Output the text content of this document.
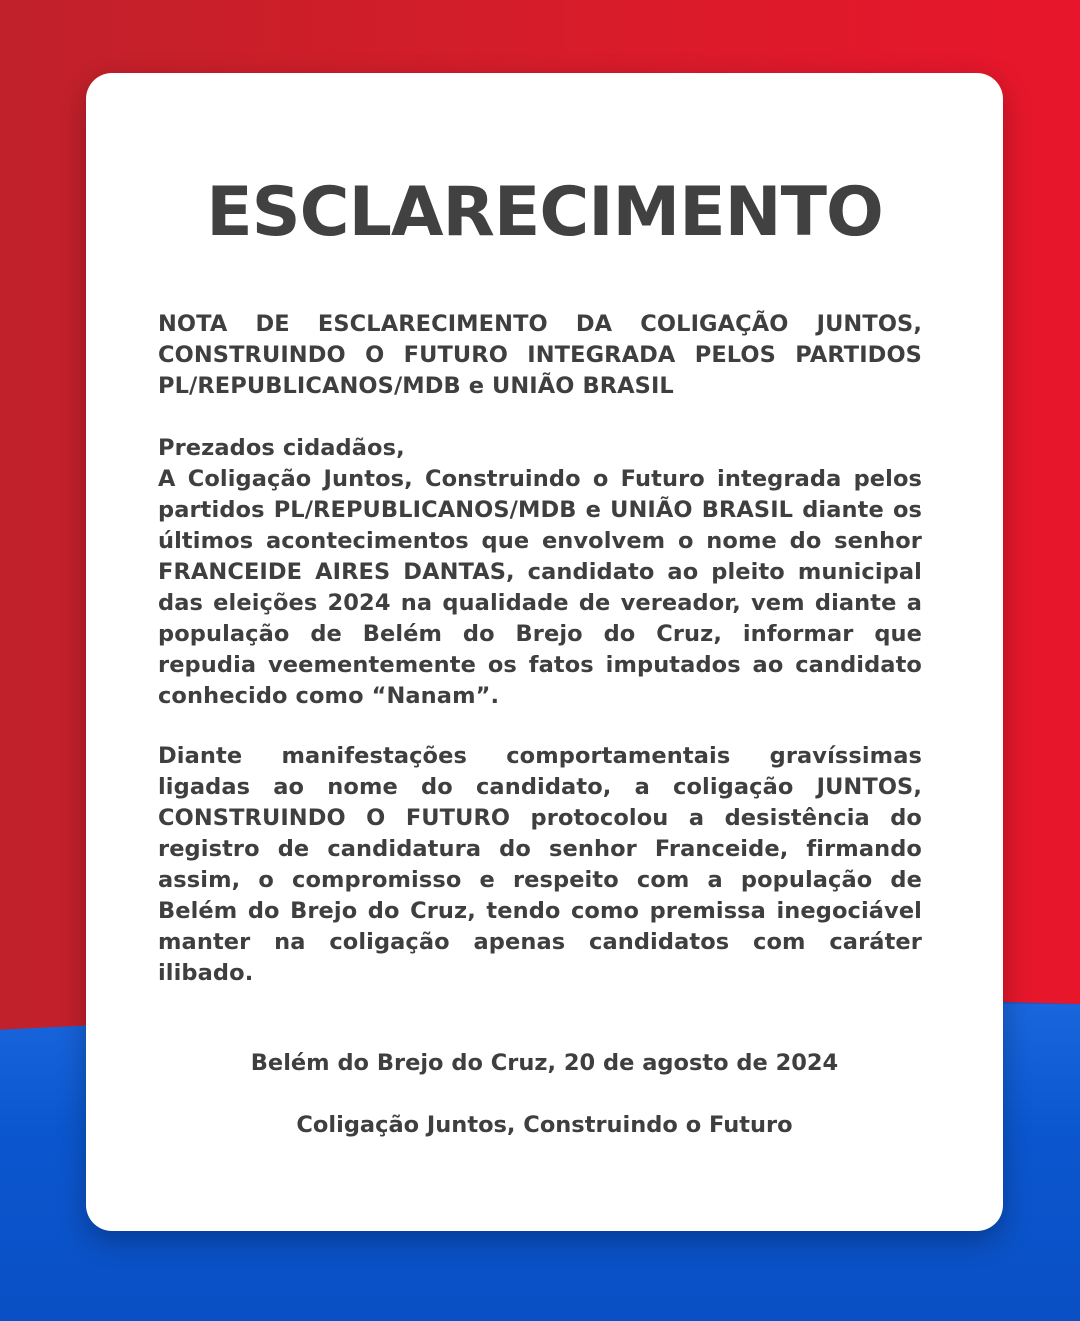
ESCLARECIMENTO

NOTA DE ESCLARECIMENTO DA COLIGAÇÃO JUNTOS, CONSTRUINDO O FUTURO INTEGRADA PELOS PARTIDOS PL/REPUBLICANOS/MDB e UNIÃO BRASIL

Prezados cidadãos,
A Coligação Juntos, Construindo o Futuro integrada pelos partidos PL/REPUBLICANOS/MDB e UNIÃO BRASIL diante os últimos acontecimentos que envolvem o nome do senhor FRANCEIDE AIRES DANTAS, candidato ao pleito municipal das eleições 2024 na qualidade de vereador, vem diante a população de Belém do Brejo do Cruz, informar que repudia veementemente os fatos imputados ao candidato conhecido como “Nanam”.

Diante manifestações comportamentais gravíssimas ligadas ao nome do candidato, a coligação JUNTOS, CONSTRUINDO O FUTURO protocolou a desistência do registro de candidatura do senhor Franceide, firmando assim, o compromisso e respeito com a população de Belém do Brejo do Cruz, tendo como premissa inegociável manter na coligação apenas candidatos com caráter ilibado.

Belém do Brejo do Cruz, 20 de agosto de 2024

Coligação Juntos, Construindo o Futuro
